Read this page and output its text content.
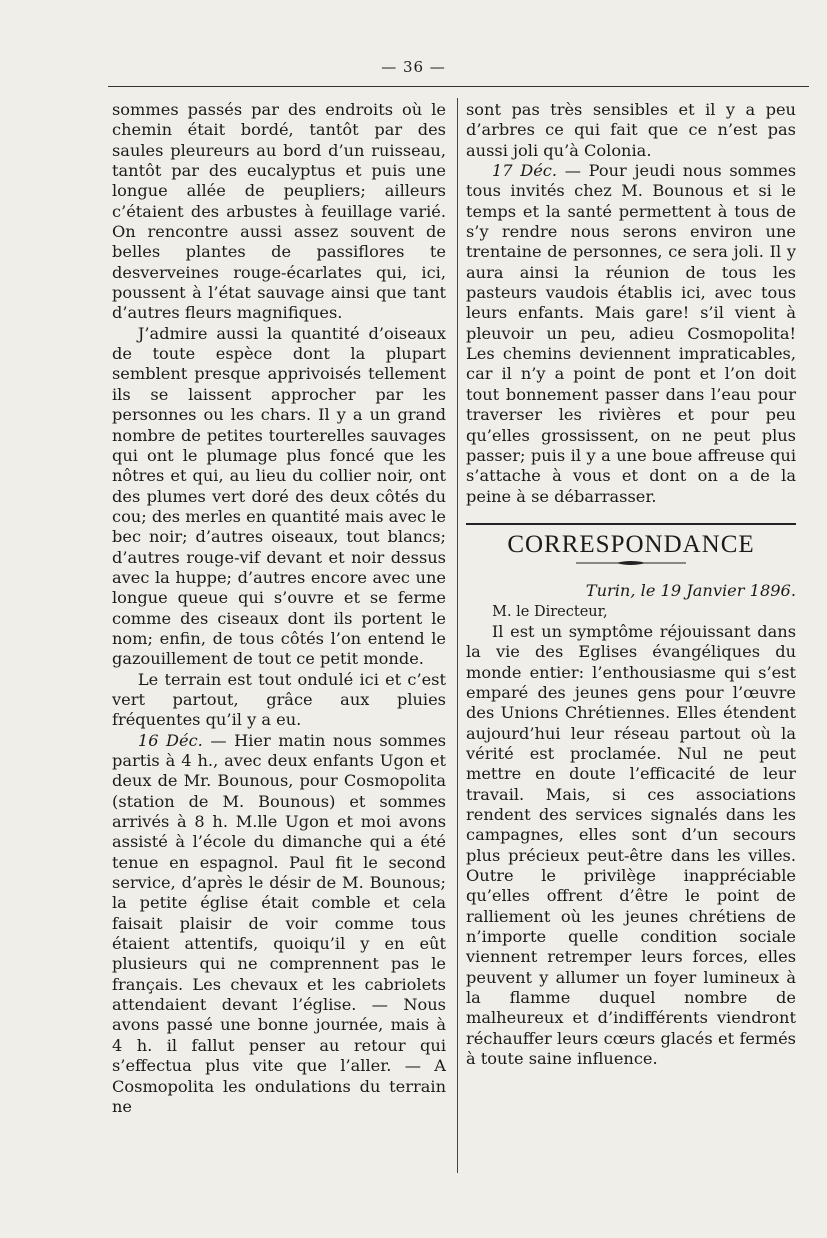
— 36 —

sommes passés par des endroits où le chemin était bordé, tantôt par des saules pleureurs au bord d’un ruisseau, tantôt par des eucalyptus et puis une longue allée de peupliers; ailleurs c’étaient des arbustes à feuillage varié. On rencontre aussi assez souvent de belles plantes de passiflores te desverveines rouge-écarlates qui, ici, poussent à l’état sauvage ainsi que tant d’autres fleurs magnifiques.

J’admire aussi la quantité d’oiseaux de toute espèce dont la plupart semblent presque apprivoisés tellement ils se laissent approcher par les personnes ou les chars. Il y a un grand nombre de petites tourterelles sauvages qui ont le plumage plus foncé que les nôtres et qui, au lieu du collier noir, ont des plumes vert doré des deux côtés du cou; des merles en quantité mais avec le bec noir; d’autres oiseaux, tout blancs; d’autres rouge-vif devant et noir dessus avec la huppe; d’autres encore avec une longue queue qui s’ouvre et se ferme comme des ciseaux dont ils portent le nom; enfin, de tous côtés l’on entend le gazouillement de tout ce petit monde.

Le terrain est tout ondulé ici et c’est vert partout, grâce aux pluies fréquentes qu’il y a eu.

16 Déc. — Hier matin nous sommes partis à 4 h., avec deux enfants Ugon et deux de Mr. Bounous, pour Cosmopolita (station de M. Bounous) et sommes arrivés à 8 h. M.lle Ugon et moi avons assisté à l’école du dimanche qui a été tenue en espagnol. Paul fit le second service, d’après le désir de M. Bounous; la petite église était comble et cela faisait plaisir de voir comme tous étaient attentifs, quoiqu’il y en eût plusieurs qui ne comprennent pas le français. Les chevaux et les cabriolets attendaient devant l’église. — Nous avons passé une bonne journée, mais à 4 h. il fallut penser au retour qui s’effectua plus vite que l’aller. — A Cosmopolita les ondulations du terrain ne

sont pas très sensibles et il y a peu d’arbres ce qui fait que ce n’est pas aussi joli qu’à Colonia.

17 Déc. — Pour jeudi nous sommes tous invités chez M. Bounous et si le temps et la santé permettent à tous de s’y rendre nous serons environ une trentaine de personnes, ce sera joli. Il y aura ainsi la réunion de tous les pasteurs vaudois établis ici, avec tous leurs enfants. Mais gare! s’il vient à pleuvoir un peu, adieu Cosmopolita! Les chemins deviennent impraticables, car il n’y a point de pont et l’on doit tout bonnement passer dans l’eau pour traverser les rivières et pour peu qu’elles grossissent, on ne peut plus passer; puis il y a une boue affreuse qui s’attache à vous et dont on a de la peine à se débarrasser.

CORRESPONDANCE

Turin, le 19 Janvier 1896.

M. le Directeur,

Il est un symptôme réjouissant dans la vie des Eglises évangéliques du monde entier: l’enthousiasme qui s’est emparé des jeunes gens pour l’œuvre des Unions Chrétiennes. Elles étendent aujourd’hui leur réseau partout où la vérité est proclamée. Nul ne peut mettre en doute l’efficacité de leur travail. Mais, si ces associations rendent des services signalés dans les campagnes, elles sont d’un secours plus précieux peut-être dans les villes. Outre le privilège inappréciable qu’elles offrent d’être le point de ralliement où les jeunes chrétiens de n’importe quelle condition sociale viennent retremper leurs forces, elles peuvent y allumer un foyer lumineux à la flamme duquel nombre de malheureux et d’indifférents viendront réchauffer leurs cœurs glacés et fermés à toute saine influence.
